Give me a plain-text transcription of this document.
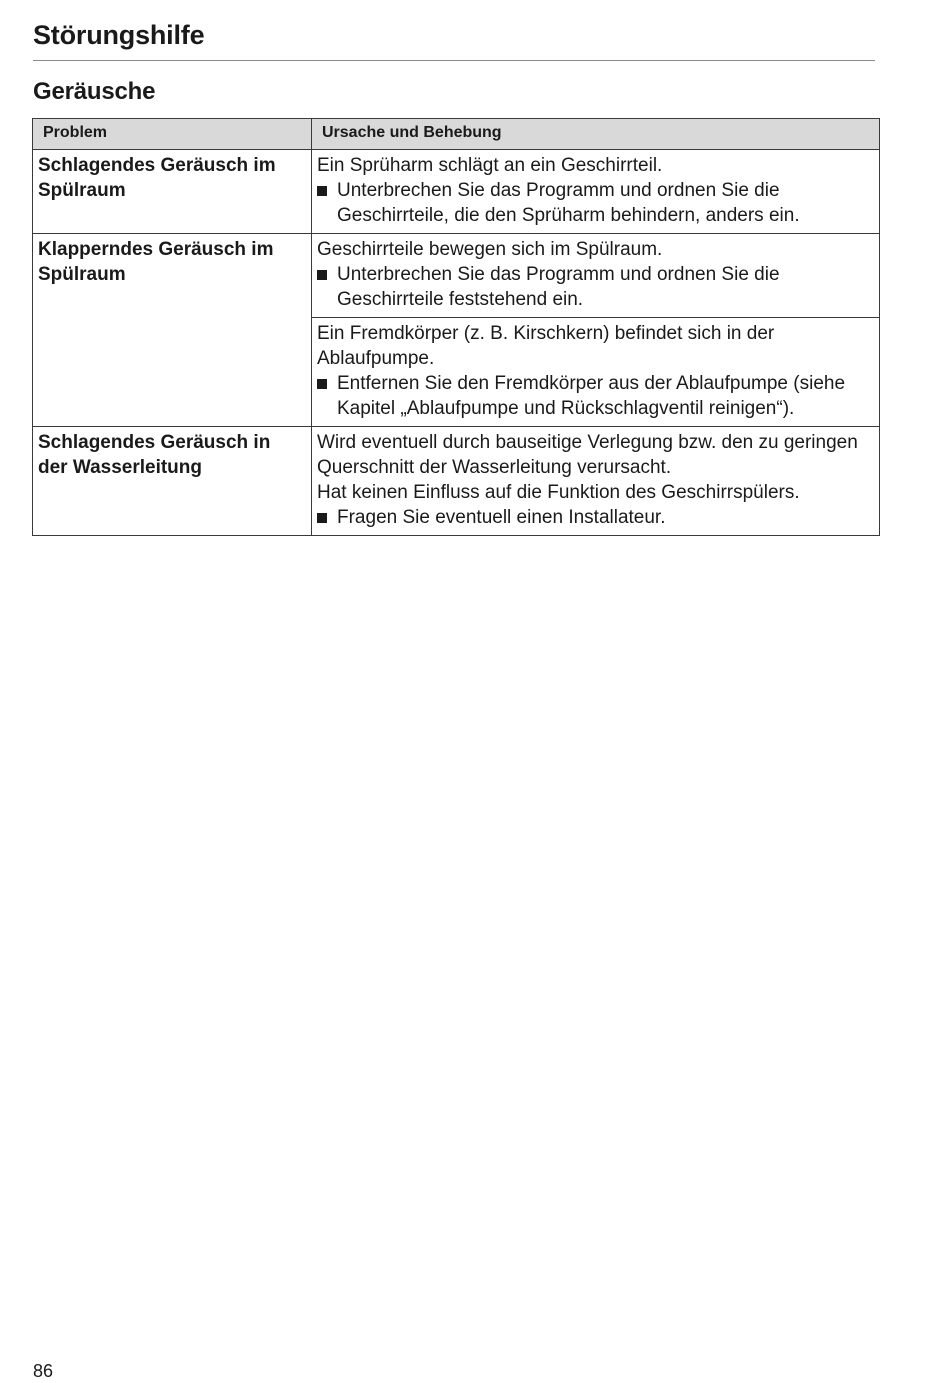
Störungshilfe
Geräusche
Problem	Ursache und Behebung
Schlagendes Geräusch im Spülraum	Ein Sprüharm schlägt an ein Geschirrteil.
Unterbrechen Sie das Programm und ordnen Sie die Geschirrteile, die den Sprüharm behindern, anders ein.

Klapperndes Geräusch im Spülraum	Geschirrteile bewegen sich im Spülraum.
Unterbrechen Sie das Programm und ordnen Sie die Geschirrteile feststehend ein.

	Ein Fremdkörper (z. B. Kirschkern) befindet sich in der Ablaufpumpe.
Entfernen Sie den Fremdkörper aus der Ablaufpumpe (siehe Kapitel „Ablaufpumpe und Rückschlagventil reinigen“).

Schlagendes Geräusch in der Wasserleitung	Wird eventuell durch bauseitige Verlegung bzw. den zu geringen Querschnitt der Wasserleitung verursacht.
Hat keinen Einfluss auf die Funktion des Geschirrspülers.
Fragen Sie eventuell einen Installateur.
86
